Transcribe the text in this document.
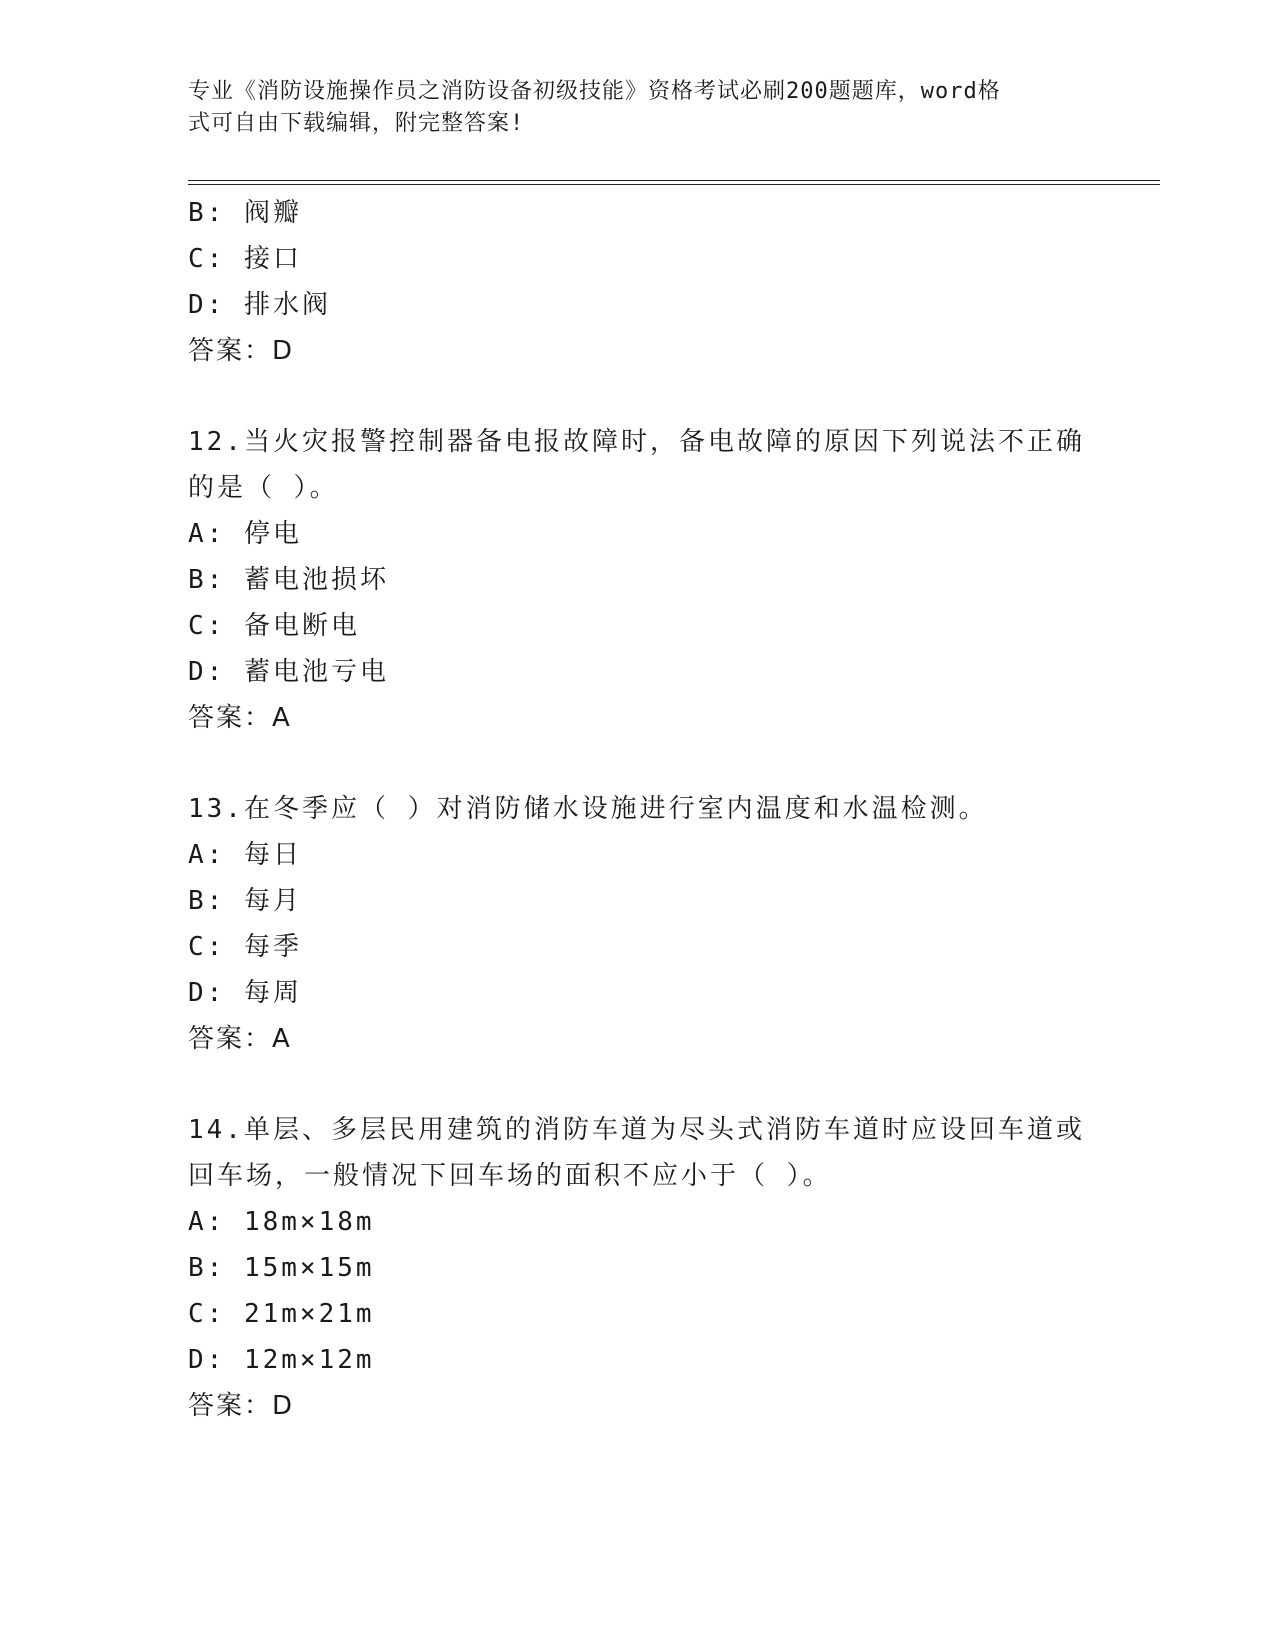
专业《消防设施操作员之消防设备初级技能》资格考试必刷200题题库，word格
式可自由下载编辑，附完整答案!
B: 阀瓣
C: 接口
D: 排水阀
答案：D
12.当火灾报警控制器备电报故障时，备电故障的原因下列说法不正确
的是（ ）。
A: 停电
B: 蓄电池损坏
C: 备电断电
D: 蓄电池亏电
答案：A
13.在冬季应（ ）对消防储水设施进行室内温度和水温检测。
A: 每日
B: 每月
C: 每季
D: 每周
答案：A
14.单层、多层民用建筑的消防车道为尽头式消防车道时应设回车道或
回车场，一般情况下回车场的面积不应小于（ ）。
A: 18m×18m
B: 15m×15m
C: 21m×21m
D: 12m×12m
答案：D
